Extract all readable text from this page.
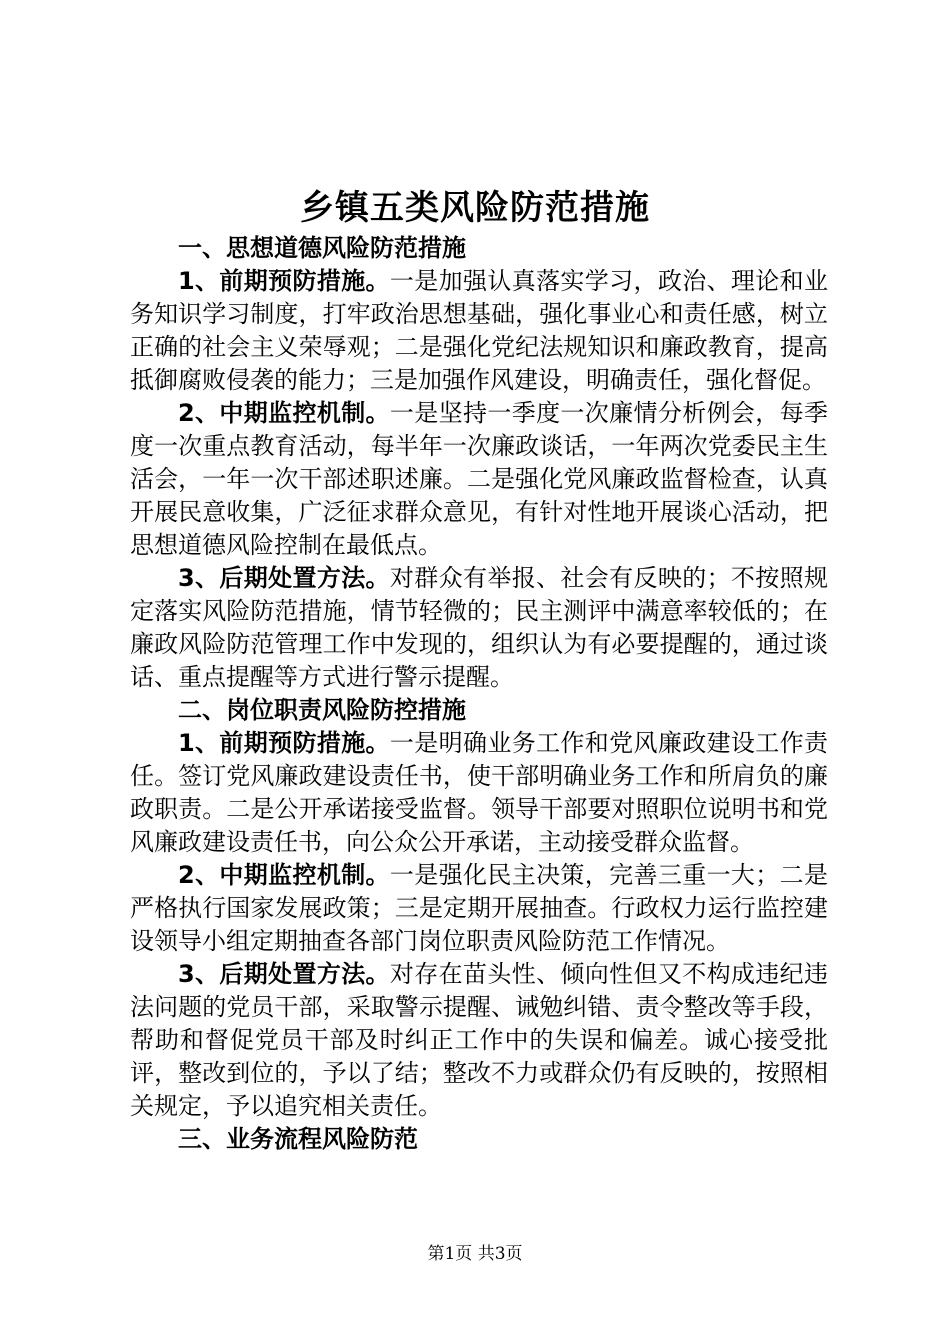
乡镇五类风险防范措施

一、思想道德风险防范措施

1、前期预防措施。一是加强认真落实学习，政治、理论和业务知识学习制度，打牢政治思想基础，强化事业心和责任感，树立正确的社会主义荣辱观；二是强化党纪法规知识和廉政教育，提高抵御腐败侵袭的能力；三是加强作风建设，明确责任，强化督促。

2、中期监控机制。一是坚持一季度一次廉情分析例会，每季度一次重点教育活动，每半年一次廉政谈话，一年两次党委民主生活会，一年一次干部述职述廉。二是强化党风廉政监督检查，认真开展民意收集，广泛征求群众意见，有针对性地开展谈心活动，把思想道德风险控制在最低点。

3、后期处置方法。对群众有举报、社会有反映的；不按照规定落实风险防范措施，情节轻微的；民主测评中满意率较低的；在廉政风险防范管理工作中发现的，组织认为有必要提醒的，通过谈话、重点提醒等方式进行警示提醒。

二、岗位职责风险防控措施

1、前期预防措施。一是明确业务工作和党风廉政建设工作责任。签订党风廉政建设责任书，使干部明确业务工作和所肩负的廉政职责。二是公开承诺接受监督。领导干部要对照职位说明书和党风廉政建设责任书，向公众公开承诺，主动接受群众监督。

2、中期监控机制。一是强化民主决策，完善三重一大；二是严格执行国家发展政策；三是定期开展抽查。行政权力运行监控建设领导小组定期抽查各部门岗位职责风险防范工作情况。

3、后期处置方法。对存在苗头性、倾向性但又不构成违纪违法问题的党员干部，采取警示提醒、诫勉纠错、责令整改等手段，帮助和督促党员干部及时纠正工作中的失误和偏差。诚心接受批评，整改到位的，予以了结；整改不力或群众仍有反映的，按照相关规定，予以追究相关责任。

三、业务流程风险防范

第1页 共3页
